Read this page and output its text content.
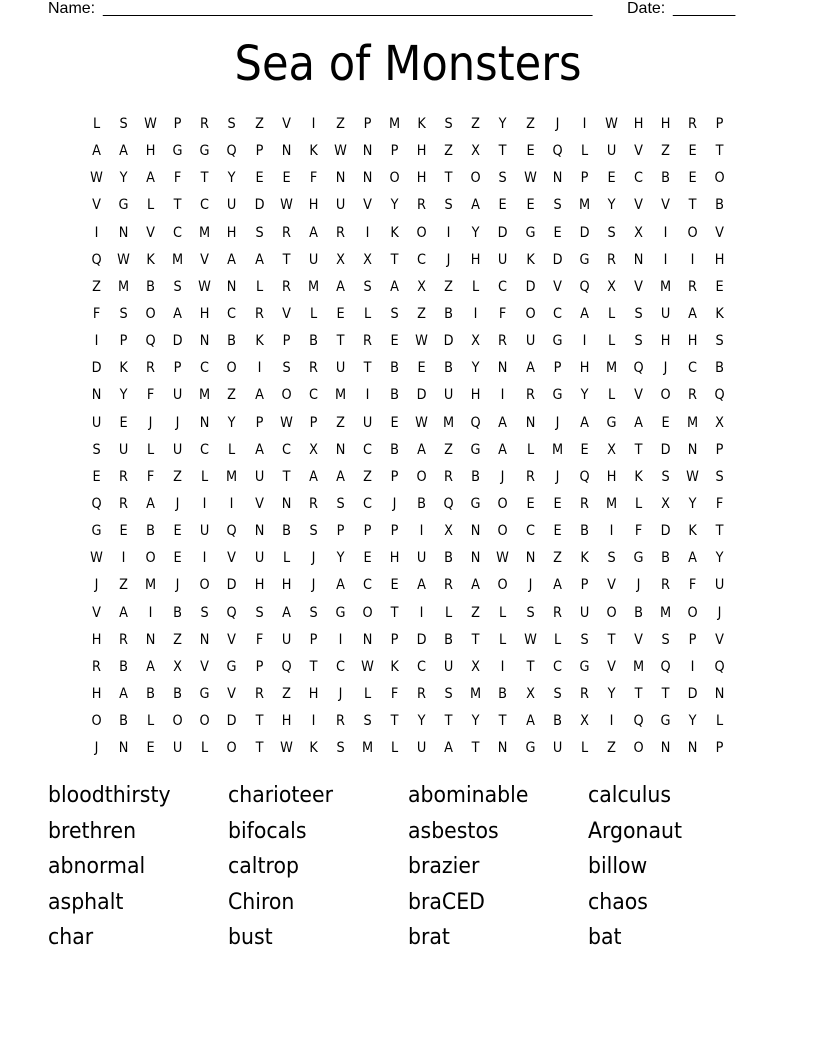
Name: _______________________________________________________ Date: _______
Sea of Monsters
L	S	W	P	R	S	Z	V	I	Z	P	M	K	S	Z	Y	Z	J	I	W	H	H	R	P
A	A	H	G	G	Q	P	N	K	W	N	P	H	Z	X	T	E	Q	L	U	V	Z	E	T
W	Y	A	F	T	Y	E	E	F	N	N	O	H	T	O	S	W	N	P	E	C	B	E	O
V	G	L	T	C	U	D	W	H	U	V	Y	R	S	A	E	E	S	M	Y	V	V	T	B
I	N	V	C	M	H	S	R	A	R	I	K	O	I	Y	D	G	E	D	S	X	I	O	V
Q	W	K	M	V	A	A	T	U	X	X	T	C	J	H	U	K	D	G	R	N	I	I	H
Z	M	B	S	W	N	L	R	M	A	S	A	X	Z	L	C	D	V	Q	X	V	M	R	E
F	S	O	A	H	C	R	V	L	E	L	S	Z	B	I	F	O	C	A	L	S	U	A	K
I	P	Q	D	N	B	K	P	B	T	R	E	W	D	X	R	U	G	I	L	S	H	H	S
D	K	R	P	C	O	I	S	R	U	T	B	E	B	Y	N	A	P	H	M	Q	J	C	B
N	Y	F	U	M	Z	A	O	C	M	I	B	D	U	H	I	R	G	Y	L	V	O	R	Q
U	E	J	J	N	Y	P	W	P	Z	U	E	W	M	Q	A	N	J	A	G	A	E	M	X
S	U	L	U	C	L	A	C	X	N	C	B	A	Z	G	A	L	M	E	X	T	D	N	P
E	R	F	Z	L	M	U	T	A	A	Z	P	O	R	B	J	R	J	Q	H	K	S	W	S
Q	R	A	J	I	I	V	N	R	S	C	J	B	Q	G	O	E	E	R	M	L	X	Y	F
G	E	B	E	U	Q	N	B	S	P	P	P	I	X	N	O	C	E	B	I	F	D	K	T
W	I	O	E	I	V	U	L	J	Y	E	H	U	B	N	W	N	Z	K	S	G	B	A	Y
J	Z	M	J	O	D	H	H	J	A	C	E	A	R	A	O	J	A	P	V	J	R	F	U
V	A	I	B	S	Q	S	A	S	G	O	T	I	L	Z	L	S	R	U	O	B	M	O	J
H	R	N	Z	N	V	F	U	P	I	N	P	D	B	T	L	W	L	S	T	V	S	P	V
R	B	A	X	V	G	P	Q	T	C	W	K	C	U	X	I	T	C	G	V	M	Q	I	Q
H	A	B	B	G	V	R	Z	H	J	L	F	R	S	M	B	X	S	R	Y	T	T	D	N
O	B	L	O	O	D	T	H	I	R	S	T	Y	T	Y	T	A	B	X	I	Q	G	Y	L
J	N	E	U	L	O	T	W	K	S	M	L	U	A	T	N	G	U	L	Z	O	N	N	P
bloodthirsty	charioteer	abominable	calculus
brethren	bifocals	asbestos	Argonaut
abnormal	caltrop	brazier	billow
asphalt	Chiron	braCED	chaos
char	bust	brat	bat
